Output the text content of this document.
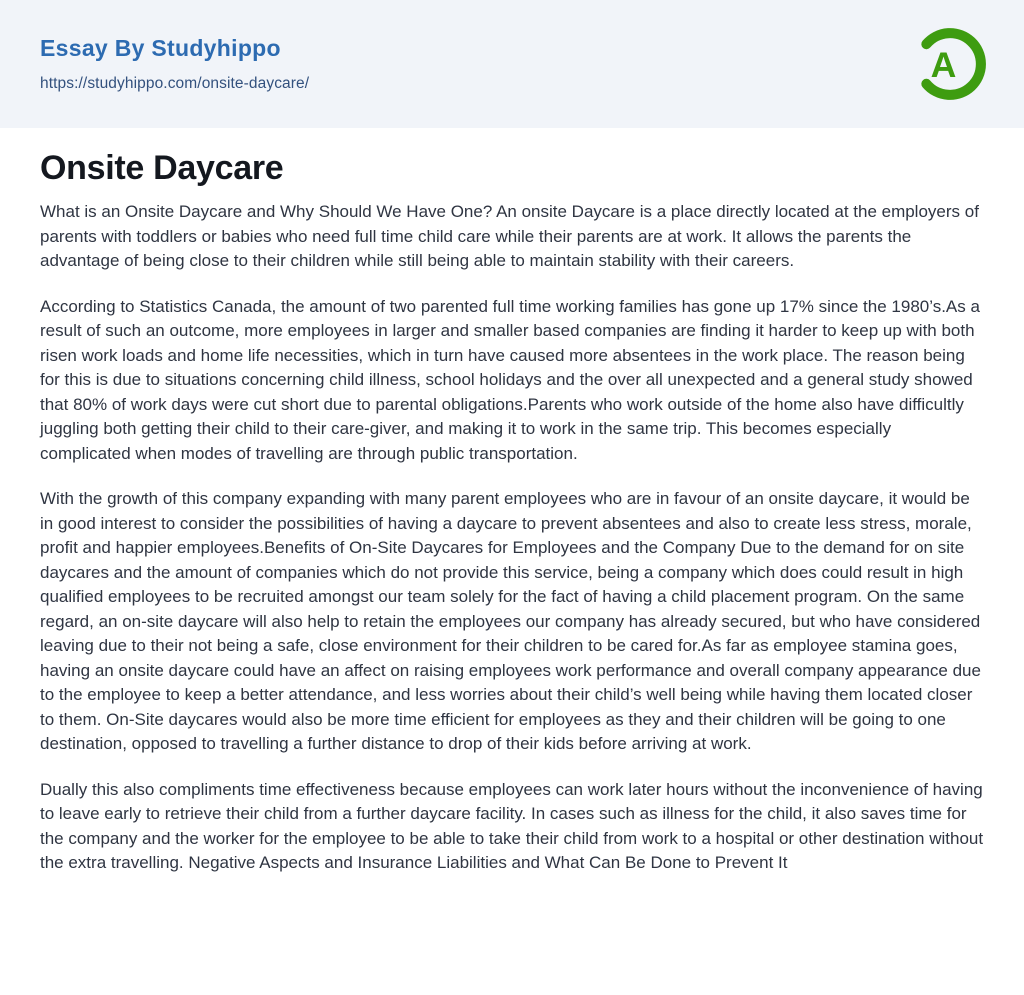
Essay By Studyhippo
https://studyhippo.com/onsite-daycare/	A
Onsite Daycare

What is an Onsite Daycare and Why Should We Have One? An onsite Daycare is a place directly located at the employers of parents with toddlers or babies who need full time child care while their parents are at work. It allows the parents the advantage of being close to their children while still being able to maintain stability with their careers.

According to Statistics Canada, the amount of two parented full time working families has gone up 17% since the 1980’s.As a result of such an outcome, more employees in larger and smaller based companies are finding it harder to keep up with both risen work loads and home life necessities, which in turn have caused more absentees in the work place. The reason being for this is due to situations concerning child illness, school holidays and the over all unexpected and a general study showed that 80% of work days were cut short due to parental obligations.Parents who work outside of the home also have difficultly juggling both getting their child to their care-giver, and making it to work in the same trip. This becomes especially complicated when modes of travelling are through public transportation.

With the growth of this company expanding with many parent employees who are in favour of an onsite daycare, it would be in good interest to consider the possibilities of having a daycare to prevent absentees and also to create less stress, morale, profit and happier employees.Benefits of On-Site Daycares for Employees and the Company Due to the demand for on site daycares and the amount of companies which do not provide this service, being a company which does could result in high qualified employees to be recruited amongst our team solely for the fact of having a child placement program. On the same regard, an on-site daycare will also help to retain the employees our company has already secured, but who have considered leaving due to their not being a safe, close environment for their children to be cared for.As far as employee stamina goes, having an onsite daycare could have an affect on raising employees work performance and overall company appearance due to the employee to keep a better attendance, and less worries about their child’s well being while having them located closer to them. On-Site daycares would also be more time efficient for employees as they and their children will be going to one destination, opposed to travelling a further distance to drop of their kids before arriving at work.

Dually this also compliments time effectiveness because employees can work later hours without the inconvenience of having to leave early to retrieve their child from a further daycare facility. In cases such as illness for the child, it also saves time for the company and the worker for the employee to be able to take their child from work to a hospital or other destination without the extra travelling. Negative Aspects and Insurance Liabilities and What Can Be Done to Prevent It
